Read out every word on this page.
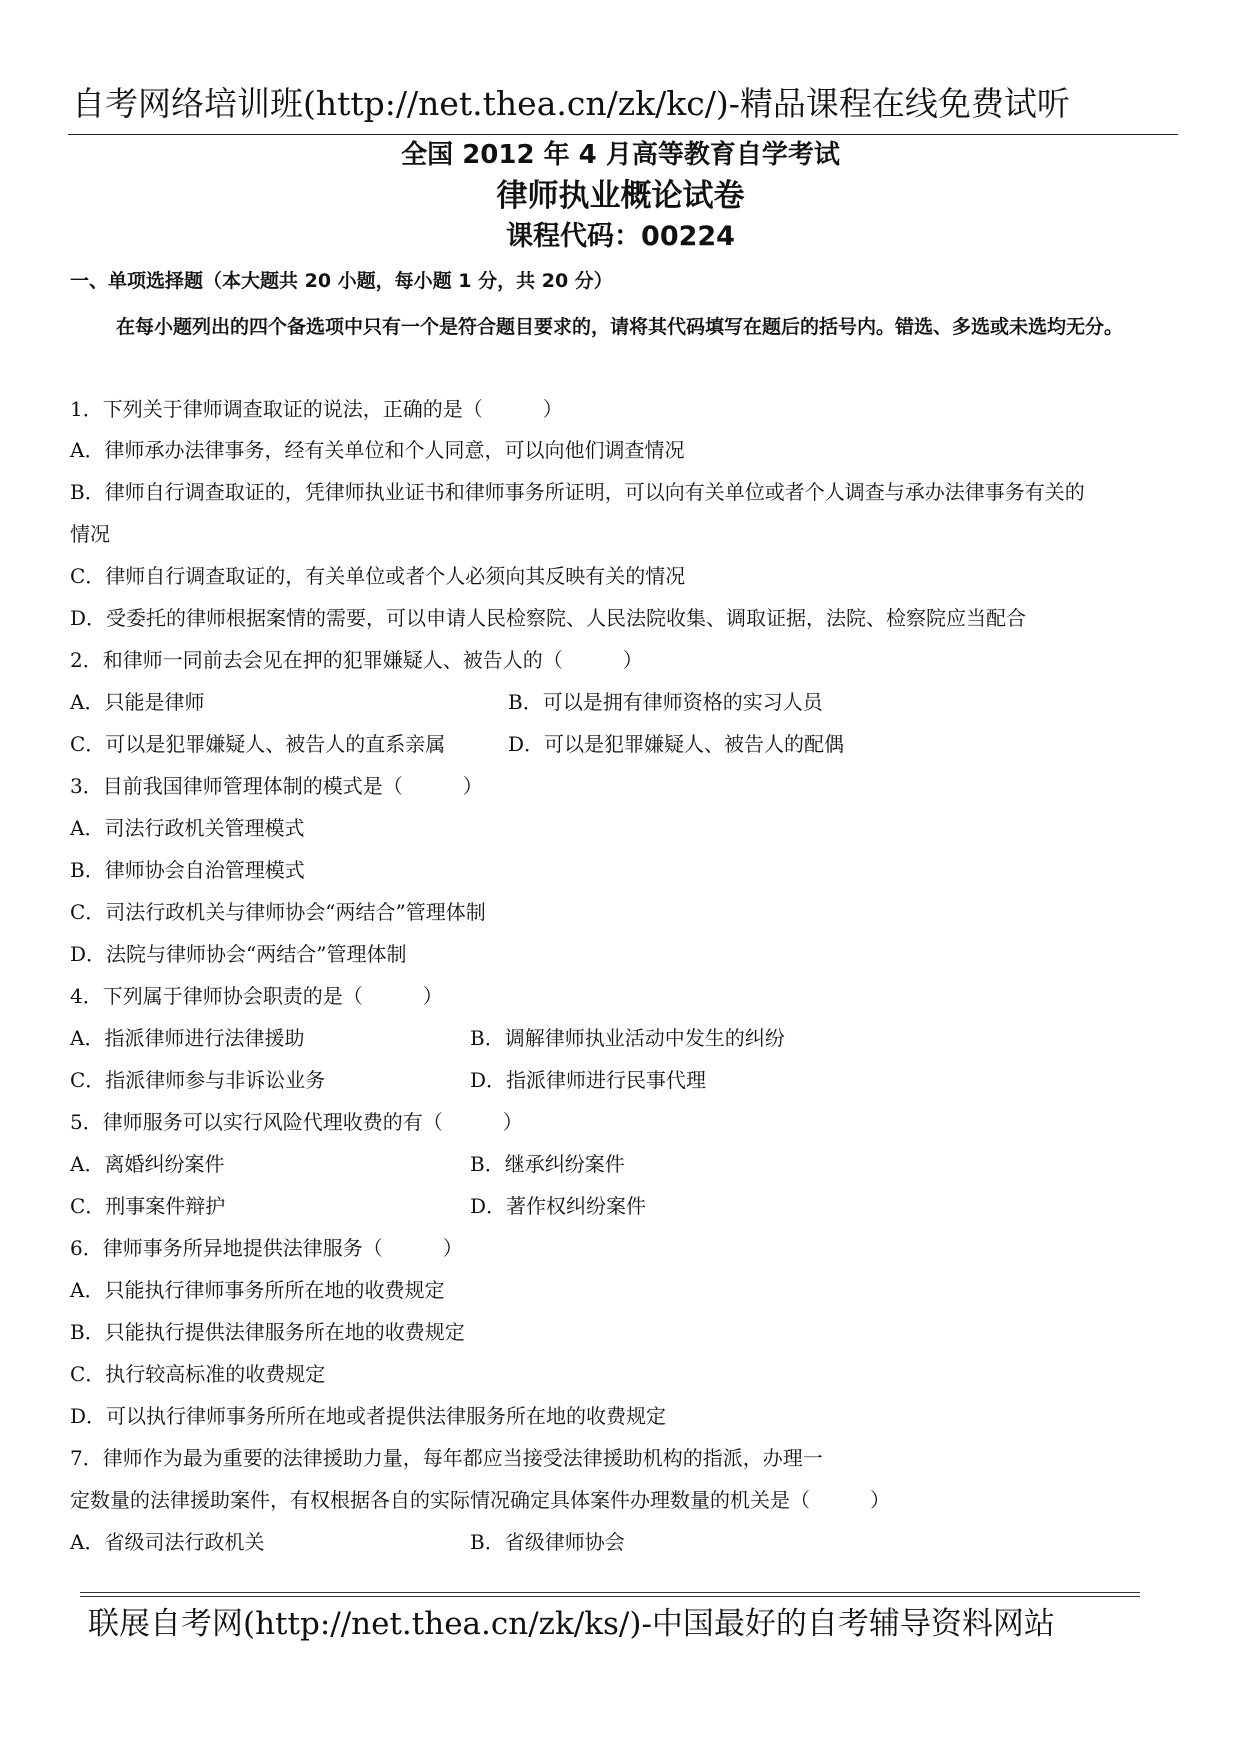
自考网络培训班(http://net.thea.cn/zk/kc/)-精品课程在线免费试听
全国 2012 年 4 月高等教育自学考试
律师执业概论试卷
课程代码：00224
一、单项选择题（本大题共 20 小题，每小题 1 分，共 20 分）
在每小题列出的四个备选项中只有一个是符合题目要求的，请将其代码填写在题后的括号内。错选、多选或未选均无分。
1．下列关于律师调查取证的说法，正确的是（　　　）
A．律师承办法律事务，经有关单位和个人同意，可以向他们调查情况
B．律师自行调查取证的，凭律师执业证书和律师事务所证明，可以向有关单位或者个人调查与承办法律事务有关的
情况
C．律师自行调查取证的，有关单位或者个人必须向其反映有关的情况
D．受委托的律师根据案情的需要，可以申请人民检察院、人民法院收集、调取证据，法院、检察院应当配合
2．和律师一同前去会见在押的犯罪嫌疑人、被告人的（　　　）
A．只能是律师	B．可以是拥有律师资格的实习人员
C．可以是犯罪嫌疑人、被告人的直系亲属	D．可以是犯罪嫌疑人、被告人的配偶
3．目前我国律师管理体制的模式是（　　　）
A．司法行政机关管理模式
B．律师协会自治管理模式
C．司法行政机关与律师协会“两结合”管理体制
D．法院与律师协会“两结合”管理体制
4．下列属于律师协会职责的是（　　　）
A．指派律师进行法律援助	B．调解律师执业活动中发生的纠纷
C．指派律师参与非诉讼业务	D．指派律师进行民事代理
5．律师服务可以实行风险代理收费的有（　　　）
A．离婚纠纷案件	B．继承纠纷案件
C．刑事案件辩护	D．著作权纠纷案件
6．律师事务所异地提供法律服务（　　　）
A．只能执行律师事务所所在地的收费规定
B．只能执行提供法律服务所在地的收费规定
C．执行较高标准的收费规定
D．可以执行律师事务所所在地或者提供法律服务所在地的收费规定
7．律师作为最为重要的法律援助力量，每年都应当接受法律援助机构的指派，办理一
定数量的法律援助案件，有权根据各自的实际情况确定具体案件办理数量的机关是（　　　）
A．省级司法行政机关	B．省级律师协会
联展自考网(http://net.thea.cn/zk/ks/)-中国最好的自考辅导资料网站
